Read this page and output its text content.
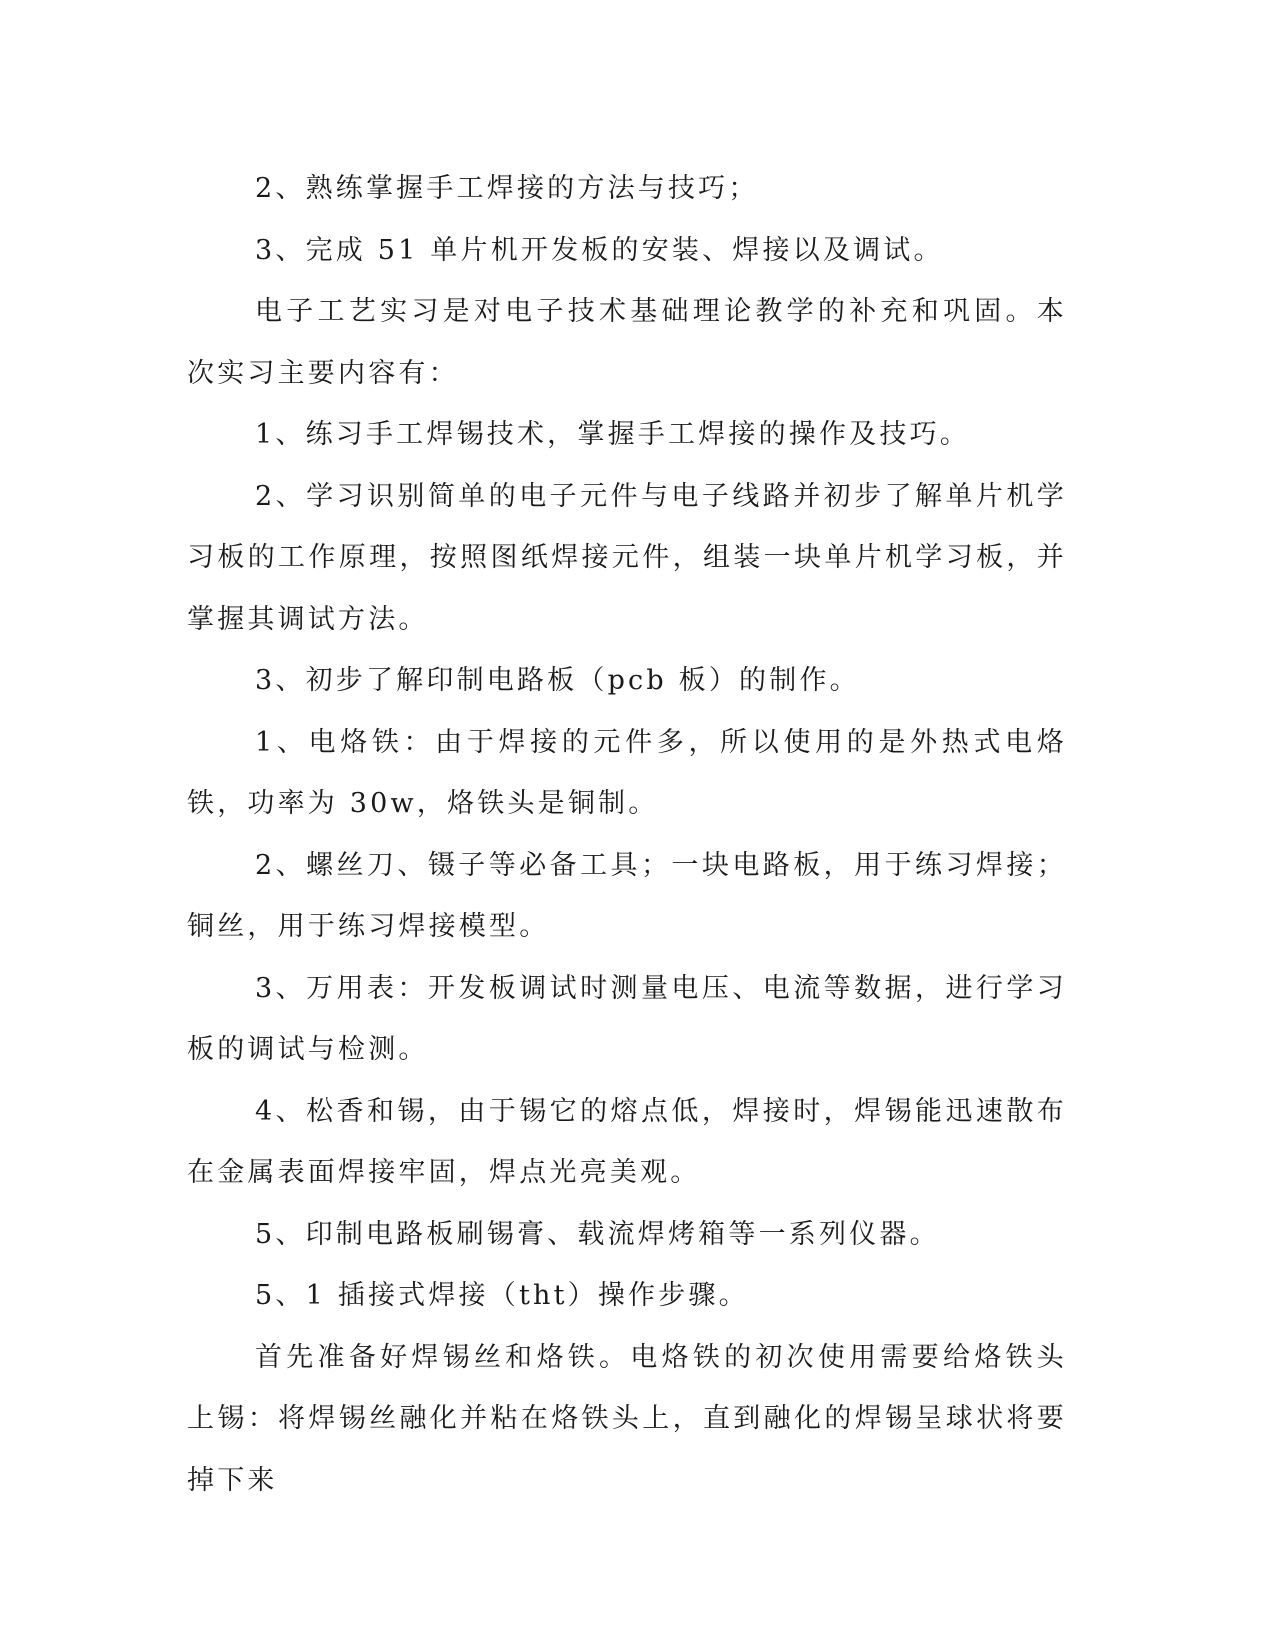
2、熟练掌握手工焊接的方法与技巧；

3、完成 51 单片机开发板的安装、焊接以及调试。

电子工艺实习是对电子技术基础理论教学的补充和巩固。本次实习主要内容有：

1、练习手工焊锡技术，掌握手工焊接的操作及技巧。

2、学习识别简单的电子元件与电子线路并初步了解单片机学习板的工作原理，按照图纸焊接元件，组装一块单片机学习板，并掌握其调试方法。

3、初步了解印制电路板（pcb 板）的制作。

1、电烙铁：由于焊接的元件多，所以使用的是外热式电烙铁，功率为 30w，烙铁头是铜制。

2、螺丝刀、镊子等必备工具；一块电路板，用于练习焊接；铜丝，用于练习焊接模型。

3、万用表：开发板调试时测量电压、电流等数据，进行学习板的调试与检测。

4、松香和锡，由于锡它的熔点低，焊接时，焊锡能迅速散布在金属表面焊接牢固，焊点光亮美观。

5、印制电路板刷锡膏、载流焊烤箱等一系列仪器。

5、1 插接式焊接（tht）操作步骤。

首先准备好焊锡丝和烙铁。电烙铁的初次使用需要给烙铁头上锡：将焊锡丝融化并粘在烙铁头上，直到融化的焊锡呈球状将要掉下来
